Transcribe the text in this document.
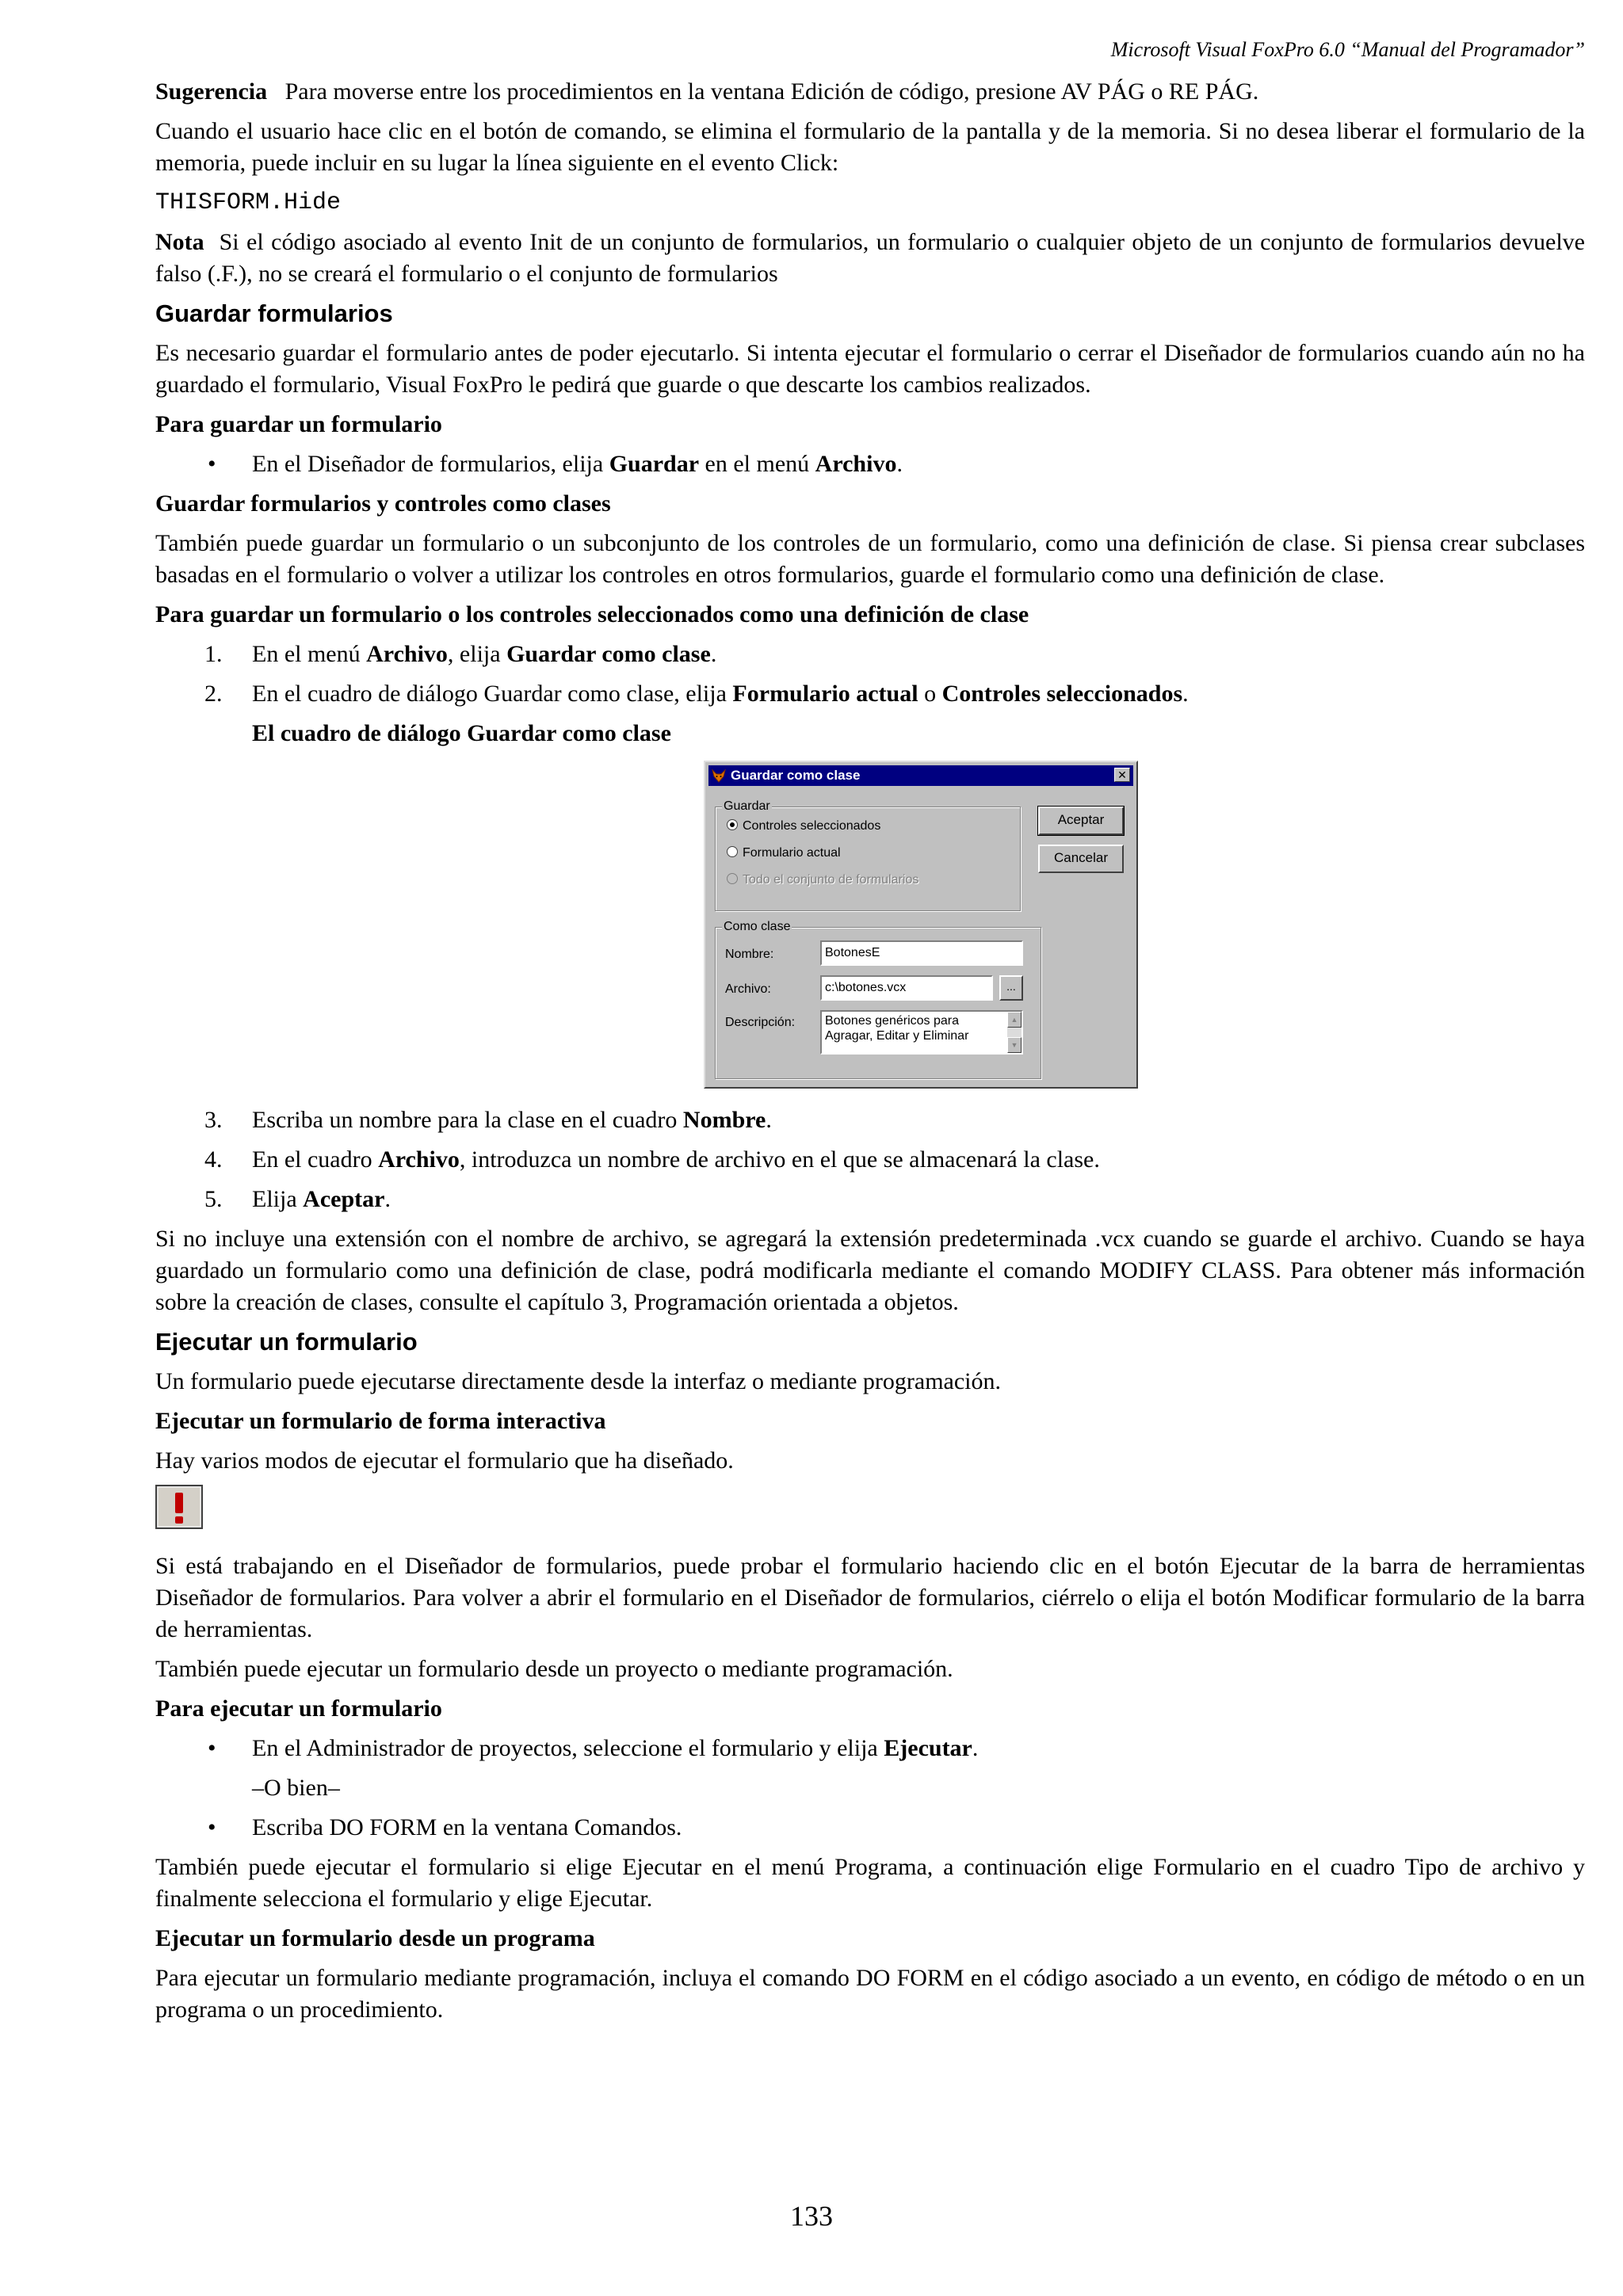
Microsoft Visual FoxPro 6.0 “Manual del Programador”

Sugerencia Para moverse entre los procedimientos en la ventana Edición de código, presione AV PÁG o RE PÁG.

Cuando el usuario hace clic en el botón de comando, se elimina el formulario de la pantalla y de la memoria. Si no desea liberar el formulario de la memoria, puede incluir en su lugar la línea siguiente en el evento Click:

THISFORM.Hide

Nota Si el código asociado al evento Init de un conjunto de formularios, un formulario o cualquier objeto de un conjunto de formularios devuelve falso (.F.), no se creará el formulario o el conjunto de formularios

Guardar formularios

Es necesario guardar el formulario antes de poder ejecutarlo. Si intenta ejecutar el formulario o cerrar el Diseñador de formularios cuando aún no ha guardado el formulario, Visual FoxPro le pedirá que guarde o que descarte los cambios realizados.

Para guardar un formulario
• En el Diseñador de formularios, elija Guardar en el menú Archivo.
Guardar formularios y controles como clases

También puede guardar un formulario o un subconjunto de los controles de un formulario, como una definición de clase. Si piensa crear subclases basadas en el formulario o volver a utilizar los controles en otros formularios, guarde el formulario como una definición de clase.

Para guardar un formulario o los controles seleccionados como una definición de clase
1. En el menú Archivo, elija Guardar como clase.
2. En el cuadro de diálogo Guardar como clase, elija Formulario actual o Controles seleccionados.
El cuadro de diálogo Guardar como clase
Guardar como clase	✕
Guardar
Controles seleccionados
Formulario actual
Todo el conjunto de formularios
Aceptar
Cancelar
Como clase
Nombre:	BotonesE
Archivo:	c:\botones.vcx	...
Descripción: Botones genéricos para
Agragar, Editar y Eliminar
▲
▼
3. Escriba un nombre para la clase en el cuadro Nombre.
4. En el cuadro Archivo, introduzca un nombre de archivo en el que se almacenará la clase.
5. Elija Aceptar.

Si no incluye una extensión con el nombre de archivo, se agregará la extensión predeterminada .vcx cuando se guarde el archivo. Cuando se haya guardado un formulario como una definición de clase, podrá modificarla mediante el comando MODIFY CLASS. Para obtener más información sobre la creación de clases, consulte el capítulo 3, Programación orientada a objetos.

Ejecutar un formulario

Un formulario puede ejecutarse directamente desde la interfaz o mediante programación.

Ejecutar un formulario de forma interactiva

Hay varios modos de ejecutar el formulario que ha diseñado.

Si está trabajando en el Diseñador de formularios, puede probar el formulario haciendo clic en el botón Ejecutar de la barra de herramientas Diseñador de formularios. Para volver a abrir el formulario en el Diseñador de formularios, ciérrelo o elija el botón Modificar formulario de la barra de herramientas.

También puede ejecutar un formulario desde un proyecto o mediante programación.

Para ejecutar un formulario
• En el Administrador de proyectos, seleccione el formulario y elija Ejecutar.
–O bien–
• Escriba DO FORM en la ventana Comandos.

También puede ejecutar el formulario si elige Ejecutar en el menú Programa, a continuación elige Formulario en el cuadro Tipo de archivo y finalmente selecciona el formulario y elige Ejecutar.

Ejecutar un formulario desde un programa

Para ejecutar un formulario mediante programación, incluya el comando DO FORM en el código asociado a un evento, en código de método o en un programa o un procedimiento.

133
